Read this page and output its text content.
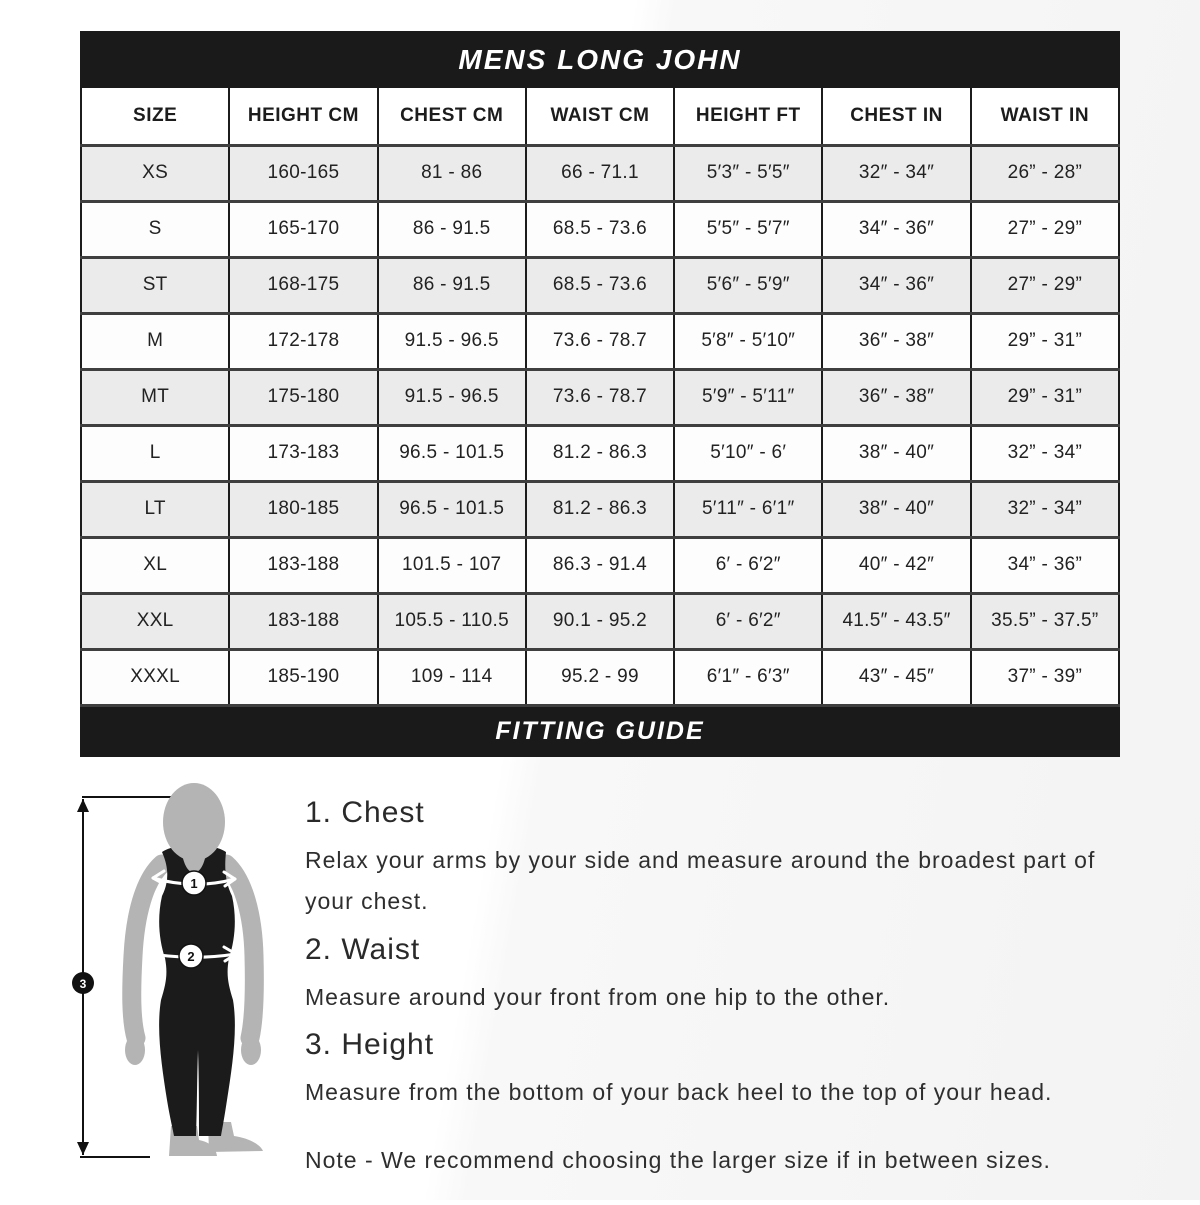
MENS LONG JOHN
SIZE	HEIGHT CM	CHEST CM	WAIST CM	HEIGHT FT	CHEST IN	WAIST IN
XS	160-165	81 - 86	66 - 71.1	5′3″ - 5′5″	32″ - 34″	26” - 28”
S	165-170	86 - 91.5	68.5 - 73.6	5′5″ - 5′7″	34″ - 36″	27” - 29”
ST	168-175	86 - 91.5	68.5 - 73.6	5′6″ - 5′9″	34″ - 36″	27” - 29”
M	172-178	91.5 - 96.5	73.6 - 78.7	5′8″ - 5′10″	36″ - 38″	29” - 31”
MT	175-180	91.5 - 96.5	73.6 - 78.7	5′9″ - 5′11″	36″ - 38″	29” - 31”
L	173-183	96.5 - 101.5	81.2 - 86.3	5′10″ - 6′	38″ - 40″	32” - 34”
LT	180-185	96.5 - 101.5	81.2 - 86.3	5′11″ - 6′1″	38″ - 40″	32” - 34”
XL	183-188	101.5 - 107	86.3 - 91.4	6′ - 6′2″	40″ - 42″	34” - 36”
XXL	183-188	105.5 - 110.5	90.1 - 95.2	6′ - 6′2″	41.5″ - 43.5″	35.5” - 37.5”
XXXL	185-190	109 - 114	95.2 - 99	6′1″ - 6′3″	43″ - 45″	37” - 39”
FITTING GUIDE
1
2
3
1. Chest

Relax your arms by your side and measure around the broadest part of your chest.

2. Waist

Measure around your front from one hip to the other.

3. Height

Measure from the bottom of your back heel to the top of your head.

Note - We recommend choosing the larger size if in between sizes.
